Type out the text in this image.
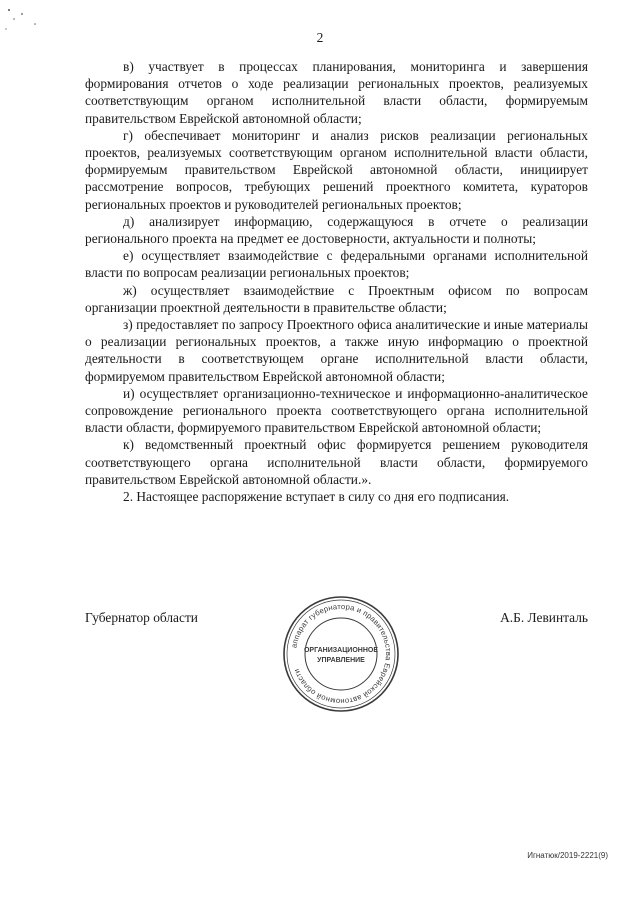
2

в) участвует в процессах планирования, мониторинга и завершения формирования отчетов о ходе реализации региональных проектов, реализуемых соответствующим органом исполнительной власти области, формируемым правительством Еврейской автономной области;

г) обеспечивает мониторинг и анализ рисков реализации региональных проектов, реализуемых соответствующим органом исполнительной власти области, формируемым правительством Еврейской автономной области, инициирует рассмотрение вопросов, требующих решений проектного комитета, кураторов региональных проектов и руководителей региональных проектов;

д) анализирует информацию, содержащуюся в отчете о реализации регионального проекта на предмет ее достоверности, актуальности и полноты;

е) осуществляет взаимодействие с федеральными органами исполнительной власти по вопросам реализации региональных проектов;

ж) осуществляет взаимодействие с Проектным офисом по вопросам организации проектной деятельности в правительстве области;

з) предоставляет по запросу Проектного офиса аналитические и иные материалы о реализации региональных проектов, а также иную информацию о проектной деятельности в соответствующем органе исполнительной власти области, формируемом правительством Еврейской автономной области;

и) осуществляет организационно-техническое и информационно-аналитическое сопровождение регионального проекта соответствующего органа исполнительной власти области, формируемого правительством Еврейской автономной области;

к) ведомственный проектный офис формируется решением руководителя соответствующего органа исполнительной власти области, формируемого правительством Еврейской автономной области.».

2. Настоящее распоряжение вступает в силу со дня его подписания.

Губернатор области
аппарат губернатора и правительства Еврейской автономной области
ОРГАНИЗАЦИОННОЕ
УПРАВЛЕНИЕ
А.Б. Левинталь
Игнатюк/2019-2221(9)
